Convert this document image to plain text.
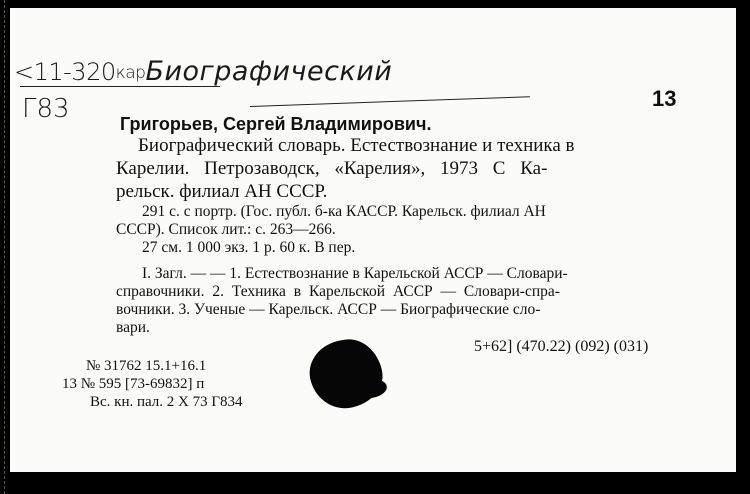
<11-320карБиографический
Г83	13
Григорьев, Сергей Владимирович.
Биографический словарь. Естествознание и техника в
Карелии. Петрозаводск, «Карелия», 1973 С Ка-
рельск. филиал АН СССР.
291 с. с портр. (Гос. публ. б-ка КАССР. Карельск. филиал АН
СССР). Список лит.: с. 263—266.
27 см. 1 000 экз. 1 р. 60 к. В пер.
I. Загл. — — 1. Естествознание в Карельской АССР — Словари-
справочники. 2. Техника в Карельской АССР — Словари-спра-
вочники. 3. Ученые — Карельск. АССР — Биографические сло-
вари.
5+62] (470.22) (092) (031)
№ 31762 15.1+16.1
13 № 595 [73-69832] п
Вс. кн. пал. 2 X 73 Г834
